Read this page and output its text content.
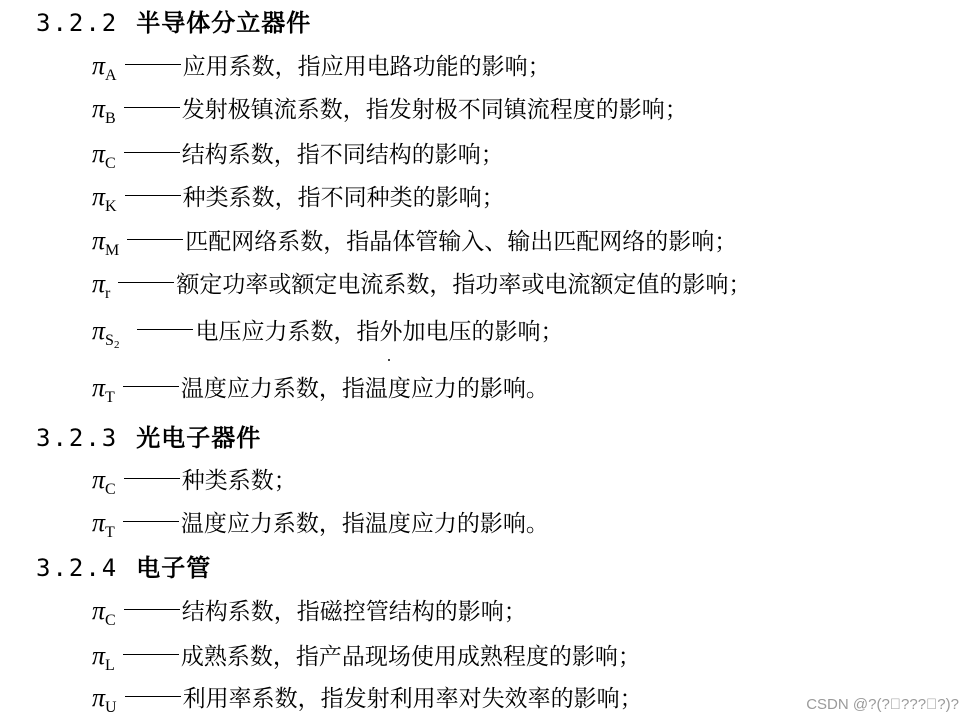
3.2.2 半导体分立器件
$\pi_A$	应用系数，指应用电路功能的影响；
$\pi_B$	发射极镇流系数，指发射极不同镇流程度的影响；
$\pi_C$	结构系数，指不同结构的影响；
$\pi_K$	种类系数，指不同种类的影响；
$\pi_M$	匹配网络系数，指晶体管输入、输出匹配网络的影响；
$\pi_r$	额定功率或额定电流系数，指功率或电流额定值的影响；
$\pi_{S2}$	电压应力系数，指外加电压的影响；
$\pi_T$	温度应力系数，指温度应力的影响。
3.2.3 光电子器件
$\pi_C$	种类系数；
$\pi_T$	温度应力系数，指温度应力的影响。
3.2.4 电子管
$\pi_C$	结构系数，指磁控管结构的影响；
$\pi_L$	成熟系数，指产品现场使用成熟程度的影响；
$\pi_U$	利用率系数，指发射利用率对失效率的影响；	CSDN @?(? ??? ?)?
